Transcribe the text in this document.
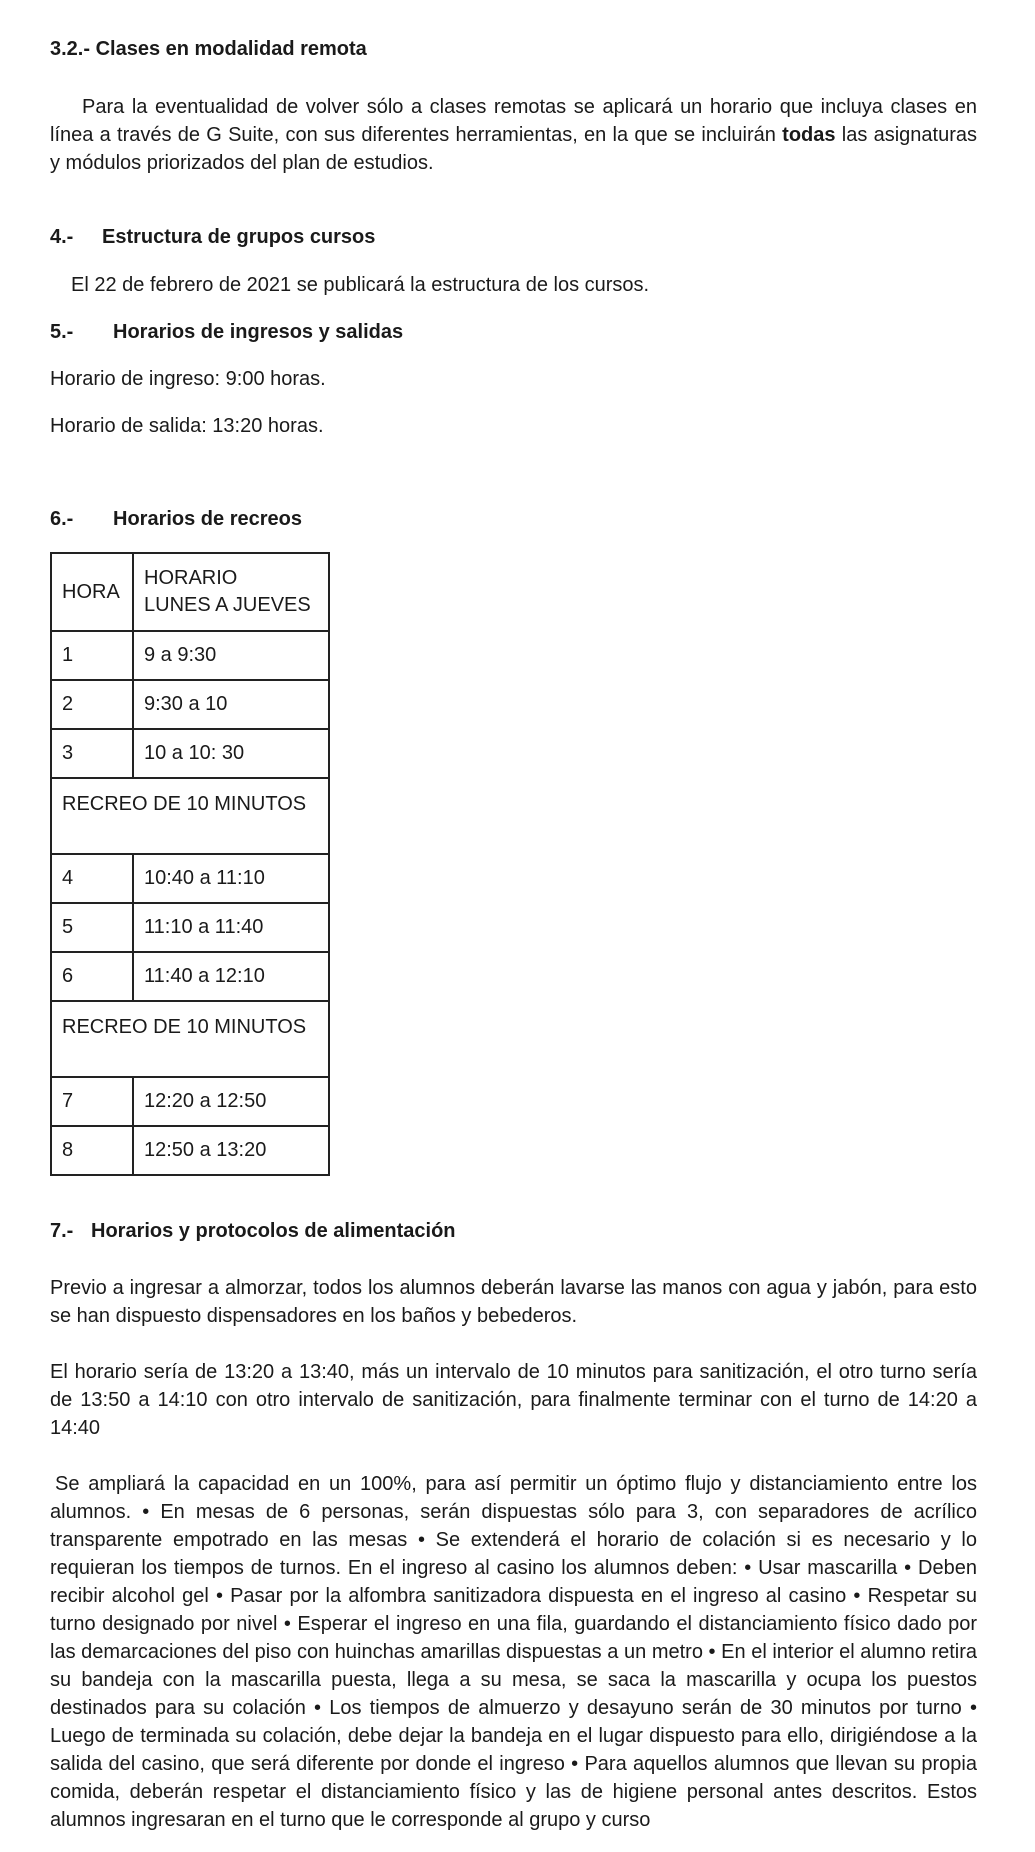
3.2.- Clases en modalidad remota
Para la eventualidad de volver sólo a clases remotas se aplicará un horario que incluya clases en línea a través de G Suite, con sus diferentes herramientas, en la que se incluirán todas las asignaturas y módulos priorizados del plan de estudios.
4.- Estructura de grupos cursos
El 22 de febrero de 2021 se publicará la estructura de los cursos.
5.- Horarios de ingresos y salidas
Horario de ingreso: 9:00 horas.
Horario de salida: 13:20 horas.
6.- Horarios de recreos
HORA	HORARIO
LUNES A JUEVES

1	9 a 9:30
2	9:30 a 10
3	10 a 10: 30
RECREO DE 10 MINUTOS	
4	10:40 a 11:10
5	11:10 a 11:40
6	11:40 a 12:10
RECREO DE 10 MINUTOS	
7	12:20 a 12:50
8	12:50 a 13:20
7.- Horarios y protocolos de alimentación
Previo a ingresar a almorzar, todos los alumnos deberán lavarse las manos con agua y jabón, para esto se han dispuesto dispensadores en los baños y bebederos.
El horario sería de 13:20 a 13:40, más un intervalo de 10 minutos para sanitización, el otro turno sería de 13:50 a 14:10 con otro intervalo de sanitización, para finalmente terminar con el turno de 14:20 a 14:40
Se ampliará la capacidad en un 100%, para así permitir un óptimo flujo y distanciamiento entre los alumnos. • En mesas de 6 personas, serán dispuestas sólo para 3, con separadores de acrílico transparente empotrado en las mesas • Se extenderá el horario de colación si es necesario y lo requieran los tiempos de turnos. En el ingreso al casino los alumnos deben: • Usar mascarilla • Deben recibir alcohol gel • Pasar por la alfombra sanitizadora dispuesta en el ingreso al casino • Respetar su turno designado por nivel • Esperar el ingreso en una fila, guardando el distanciamiento físico dado por las demarcaciones del piso con huinchas amarillas dispuestas a un metro • En el interior el alumno retira su bandeja con la mascarilla puesta, llega a su mesa, se saca la mascarilla y ocupa los puestos destinados para su colación • Los tiempos de almuerzo y desayuno serán de 30 minutos por turno • Luego de terminada su colación, debe dejar la bandeja en el lugar dispuesto para ello, dirigiéndose a la salida del casino, que será diferente por donde el ingreso • Para aquellos alumnos que llevan su propia comida, deberán respetar el distanciamiento físico y las de higiene personal antes descritos. Estos alumnos ingresaran en el turno que le corresponde al grupo y curso
